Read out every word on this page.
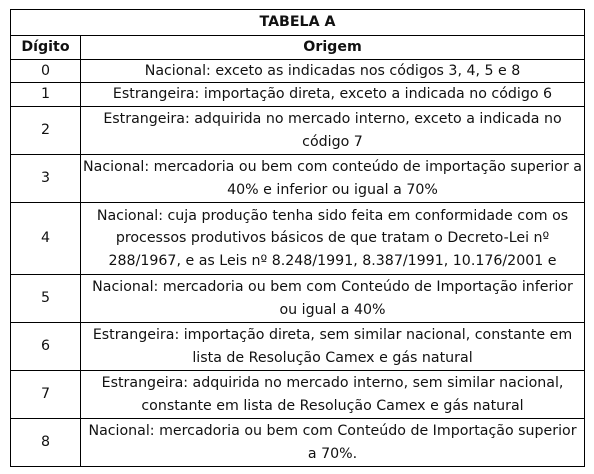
TABELA A	
Dígito	Origem
0	Nacional: exceto as indicadas nos códigos 3, 4, 5 e 8
1	Estrangeira: importação direta, exceto a indicada no código 6
2	Estrangeira: adquirida no mercado interno, exceto a indicada no código 7
3	Nacional: mercadoria ou bem com conteúdo de importação superior a 40% e inferior ou igual a 70%
4	Nacional: cuja produção tenha sido feita em conformidade com os processos produtivos básicos de que tratam o Decreto-Lei nº 288/1967, e as Leis nº 8.248/1991, 8.387/1991, 10.176/2001 e
5	Nacional: mercadoria ou bem com Conteúdo de Importação inferior ou igual a 40%
6	Estrangeira: importação direta, sem similar nacional, constante em lista de Resolução Camex e gás natural
7	Estrangeira: adquirida no mercado interno, sem similar nacional, constante em lista de Resolução Camex e gás natural
8	Nacional: mercadoria ou bem com Conteúdo de Importação superior a 70%.
